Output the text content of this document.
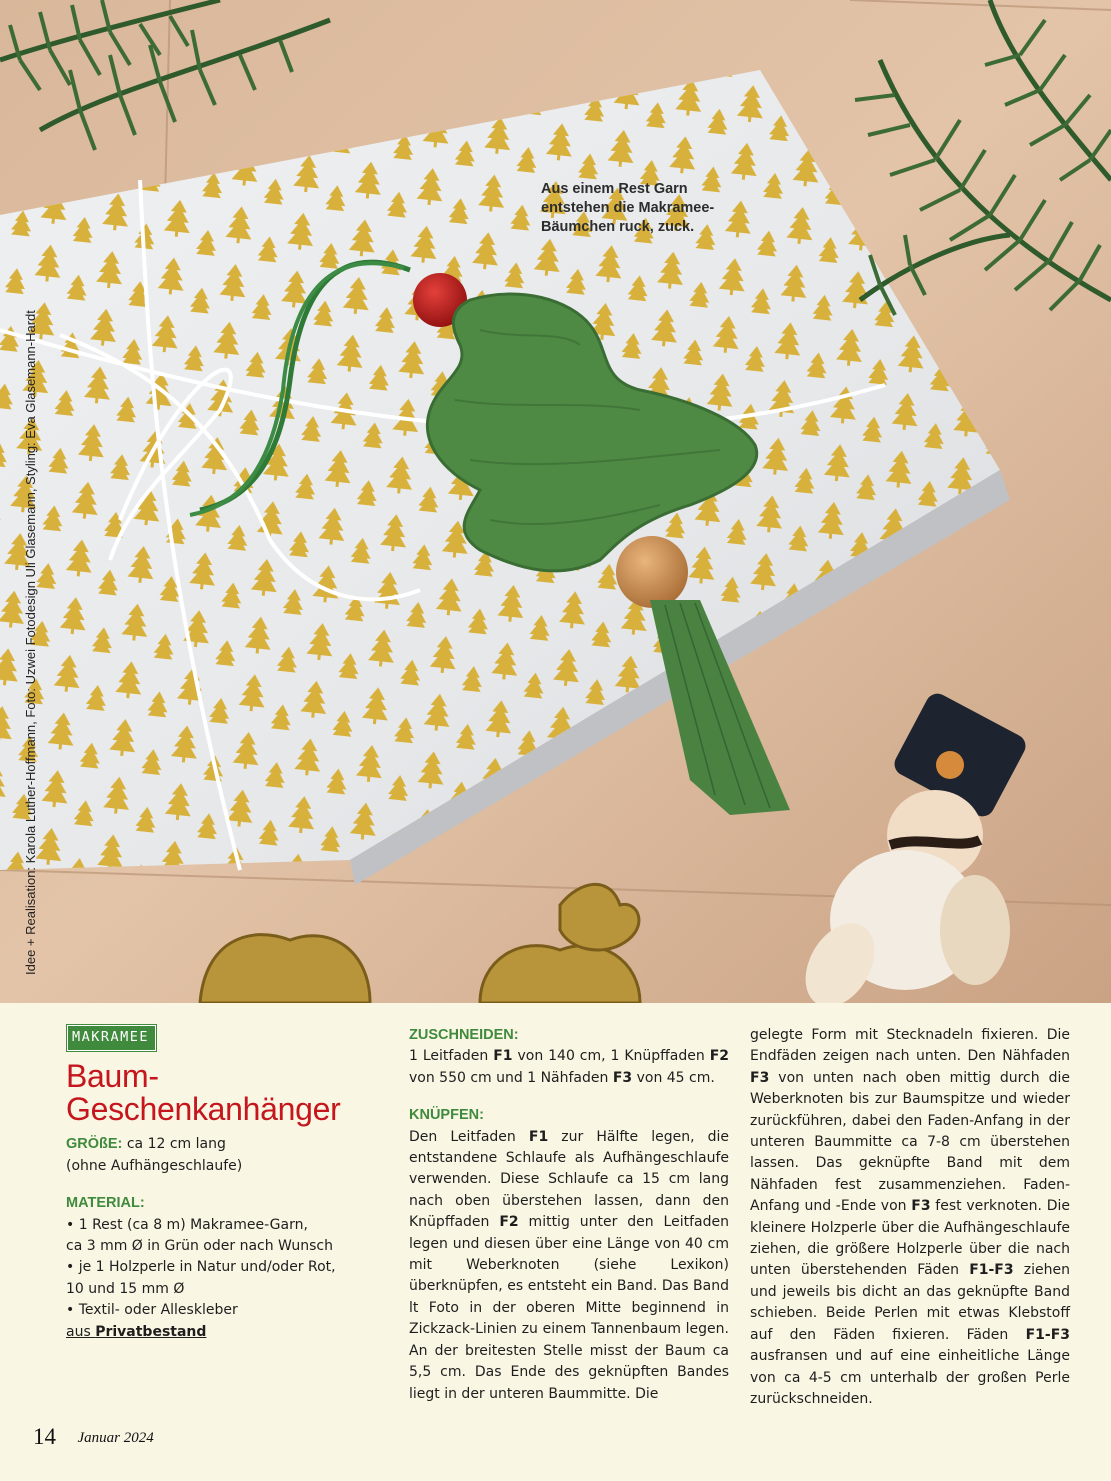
Aus einem Rest Garn entstehen die Makramee-Bäumchen ruck, zuck.
Idee + Realisation: Karola Luther-Hoffmann, Foto: Uzwei Fotodesign Uli Glasemann, Styling: Eva Glasemann-Hardt
MAKRAMEE
Baum-
Geschenkanhänger

GRÖßE: ca 12 cm lang

(ohne Aufhängeschlaufe)

MATERIAL:

• 1 Rest (ca 8 m) Makramee-Garn,

ca 3 mm Ø in Grün oder nach Wunsch

• je 1 Holzperle in Natur und/oder Rot,

10 und 15 mm Ø

• Textil- oder Alleskleber

aus Privatbestand

ZUSCHNEIDEN:

1 Leitfaden F1 von 140 cm, 1 Knüpffaden F2 von 550 cm und 1 Nähfaden F3 von 45 cm.

KNÜPFEN:

Den Leitfaden F1 zur Hälfte legen, die entstandene Schlaufe als Aufhängeschlaufe verwenden. Diese Schlaufe ca 15 cm lang nach oben überstehen lassen, dann den Knüpffaden F2 mittig unter den Leitfaden legen und diesen über eine Länge von 40 cm mit Weberknoten (siehe Lexikon) überknüpfen, es entsteht ein Band. Das Band lt Foto in der oberen Mitte beginnend in Zickzack-Linien zu einem Tannenbaum legen. An der breitesten Stelle misst der Baum ca 5,5 cm. Das Ende des geknüpften Bandes liegt in der unteren Baummitte. Die

gelegte Form mit Stecknadeln fixieren. Die Endfäden zeigen nach unten. Den Nähfaden F3 von unten nach oben mittig durch die Weberknoten bis zur Baumspitze und wieder zurückführen, dabei den Faden-Anfang in der unteren Baummitte ca 7-8 cm überstehen lassen. Das geknüpfte Band mit dem Nähfaden fest zusammenziehen. Faden-Anfang und -Ende von F3 fest verknoten. Die kleinere Holzperle über die Aufhängeschlaufe ziehen, die größere Holzperle über die nach unten überstehenden Fäden F1-F3 ziehen und jeweils bis dicht an das geknüpfte Band schieben. Beide Perlen mit etwas Klebstoff auf den Fäden fixieren. Fäden F1-F3 ausfransen und auf eine einheitliche Länge von ca 4-5 cm unterhalb der großen Perle zurückschneiden.

14 Januar 2024
